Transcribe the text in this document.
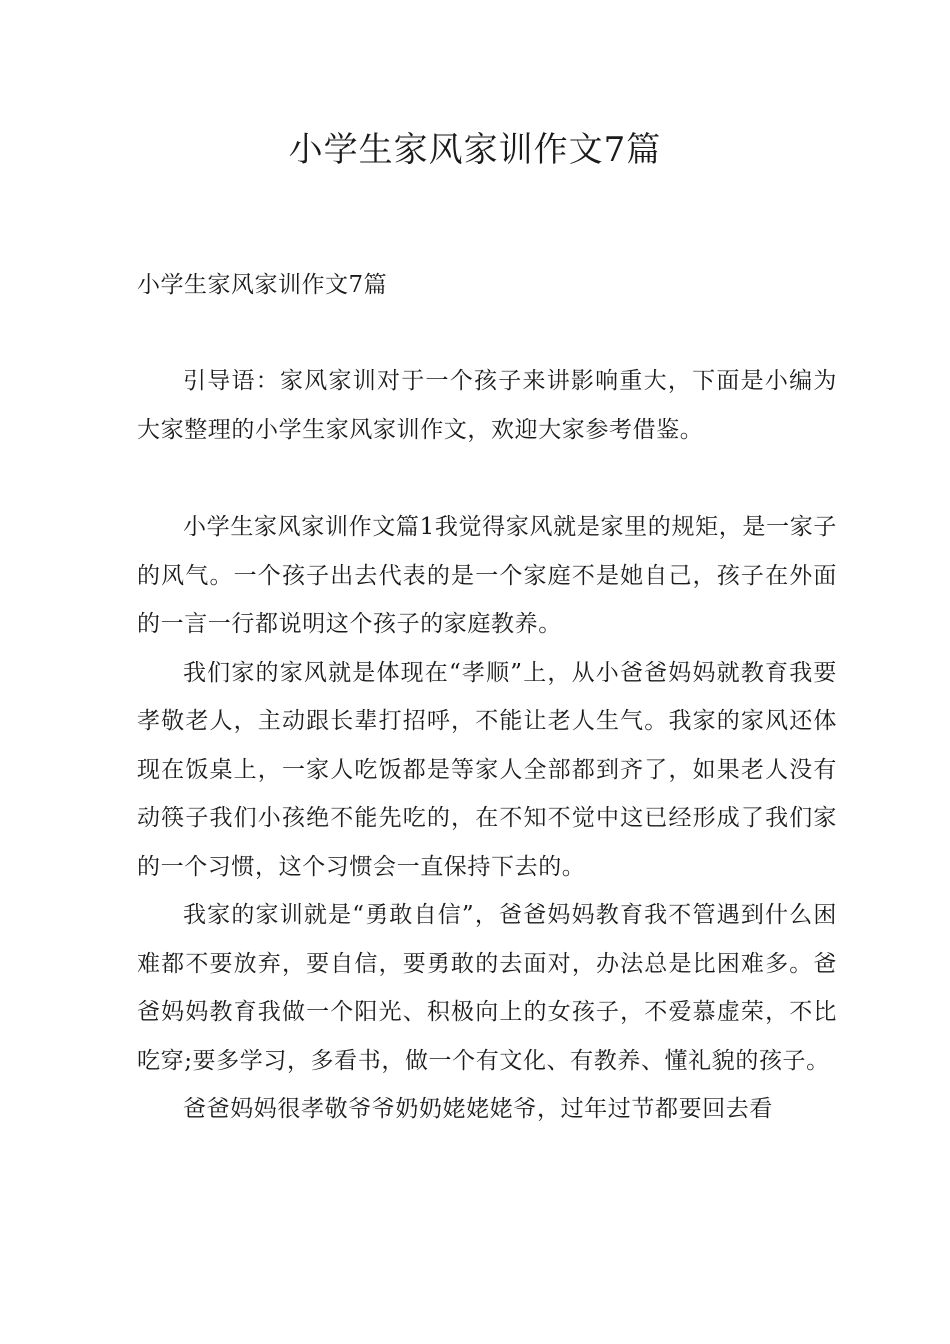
小学生家风家训作文7篇

小学生家风家训作文7篇

引导语：家风家训对于一个孩子来讲影响重大，下面是小编为大家整理的小学生家风家训作文，欢迎大家参考借鉴。

小学生家风家训作文篇1我觉得家风就是家里的规矩，是一家子的风气。一个孩子出去代表的是一个家庭不是她自己，孩子在外面的一言一行都说明这个孩子的家庭教养。

我们家的家风就是体现在“孝顺”上，从小爸爸妈妈就教育我要孝敬老人，主动跟长辈打招呼，不能让老人生气。我家的家风还体现在饭桌上，一家人吃饭都是等家人全部都到齐了，如果老人没有动筷子我们小孩绝不能先吃的，在不知不觉中这已经形成了我们家的一个习惯，这个习惯会一直保持下去的。

我家的家训就是“勇敢自信”，爸爸妈妈教育我不管遇到什么困难都不要放弃，要自信，要勇敢的去面对，办法总是比困难多。爸爸妈妈教育我做一个阳光、积极向上的女孩子，不爱慕虚荣，不比吃穿;要多学习，多看书，做一个有文化、有教养、懂礼貌的孩子。

爸爸妈妈很孝敬爷爷奶奶姥姥姥爷，过年过节都要回去看
